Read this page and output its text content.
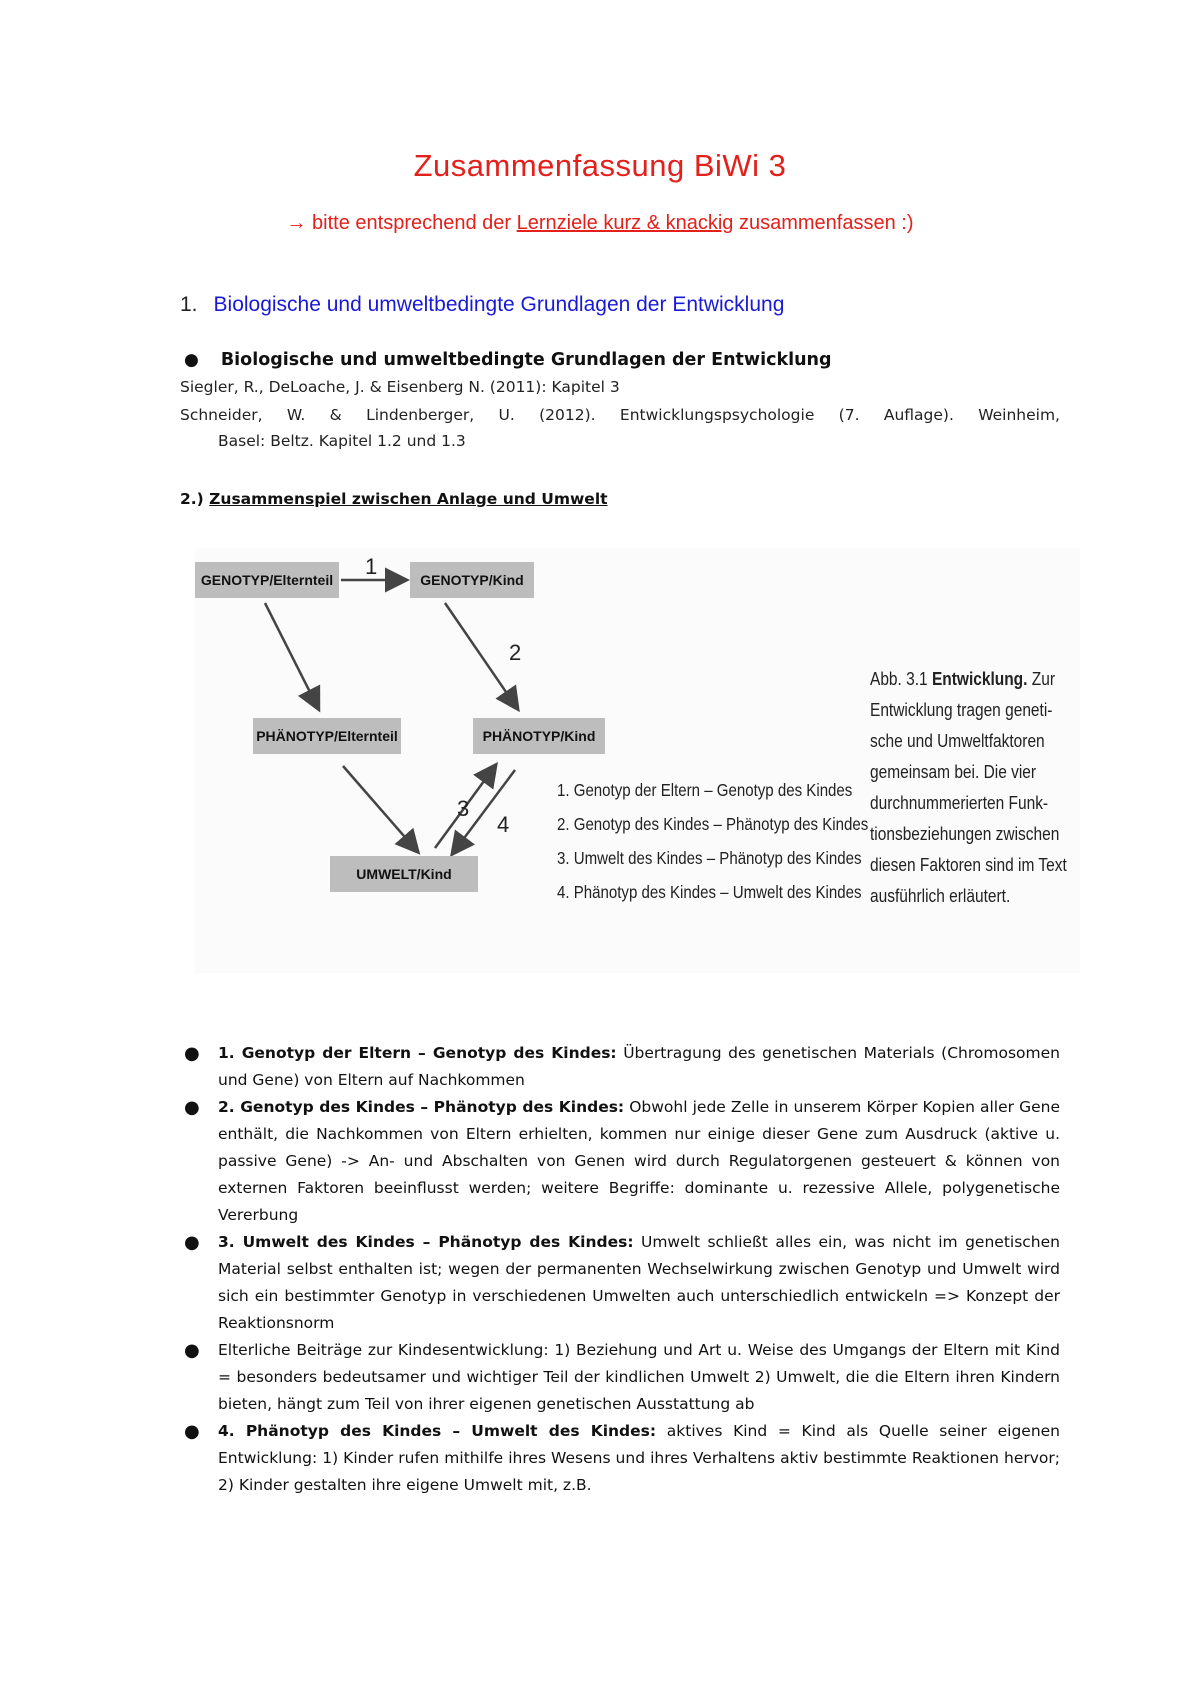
Zusammenfassung BiWi 3
→ bitte entsprechend der Lernziele kurz & knackig zusammenfassen :)
1. Biologische und umweltbedingte Grundlagen der Entwicklung
● Biologische und umweltbedingte Grundlagen der Entwicklung
Siegler, R., DeLoache, J. & Eisenberg N. (2011): Kapitel 3
Schneider, W. & Lindenberger, U. (2012). Entwicklungspsychologie (7. Auflage). Weinheim,
Basel: Beltz. Kapitel 1.2 und 1.3
2.) Zusammenspiel zwischen Anlage und Umwelt
GENOTYP/Elternteil	GENOTYP/Kind
PHÄNOTYP/Elternteil	PHÄNOTYP/Kind
UMWELT/Kind
1
2
3
4
1. Genotyp der Eltern – Genotyp des Kindes
2. Genotyp des Kindes – Phänotyp des Kindes
3. Umwelt des Kindes – Phänotyp des Kindes
4. Phänotyp des Kindes – Umwelt des Kindes
Abb. 3.1 Entwicklung. Zur
Entwicklung tragen geneti-
sche und Umweltfaktoren
gemeinsam bei. Die vier
durchnummerierten Funk-
tionsbeziehungen zwischen
diesen Faktoren sind im Text
ausführlich erläutert.
● 1. Genotyp der Eltern – Genotyp des Kindes: Übertragung des genetischen Materials (Chromosomen und Gene) von Eltern auf Nachkommen
● 2. Genotyp des Kindes – Phänotyp des Kindes: Obwohl jede Zelle in unserem Körper Kopien aller Gene enthält, die Nachkommen von Eltern erhielten, kommen nur einige dieser Gene zum Ausdruck (aktive u. passive Gene) -> An- und Abschalten von Genen wird durch Regulatorgenen gesteuert & können von externen Faktoren beeinflusst werden; weitere Begriffe: dominante u. rezessive Allele, polygenetische Vererbung
● 3. Umwelt des Kindes – Phänotyp des Kindes: Umwelt schließt alles ein, was nicht im genetischen Material selbst enthalten ist; wegen der permanenten Wechselwirkung zwischen Genotyp und Umwelt wird sich ein bestimmter Genotyp in verschiedenen Umwelten auch unterschiedlich entwickeln => Konzept der Reaktionsnorm
● Elterliche Beiträge zur Kindesentwicklung: 1) Beziehung und Art u. Weise des Umgangs der Eltern mit Kind = besonders bedeutsamer und wichtiger Teil der kindlichen Umwelt 2) Umwelt, die die Eltern ihren Kindern bieten, hängt zum Teil von ihrer eigenen genetischen Ausstattung ab
● 4. Phänotyp des Kindes – Umwelt des Kindes: aktives Kind = Kind als Quelle seiner eigenen Entwicklung: 1) Kinder rufen mithilfe ihres Wesens und ihres Verhaltens aktiv bestimmte Reaktionen hervor; 2) Kinder gestalten ihre eigene Umwelt mit, z.B.
